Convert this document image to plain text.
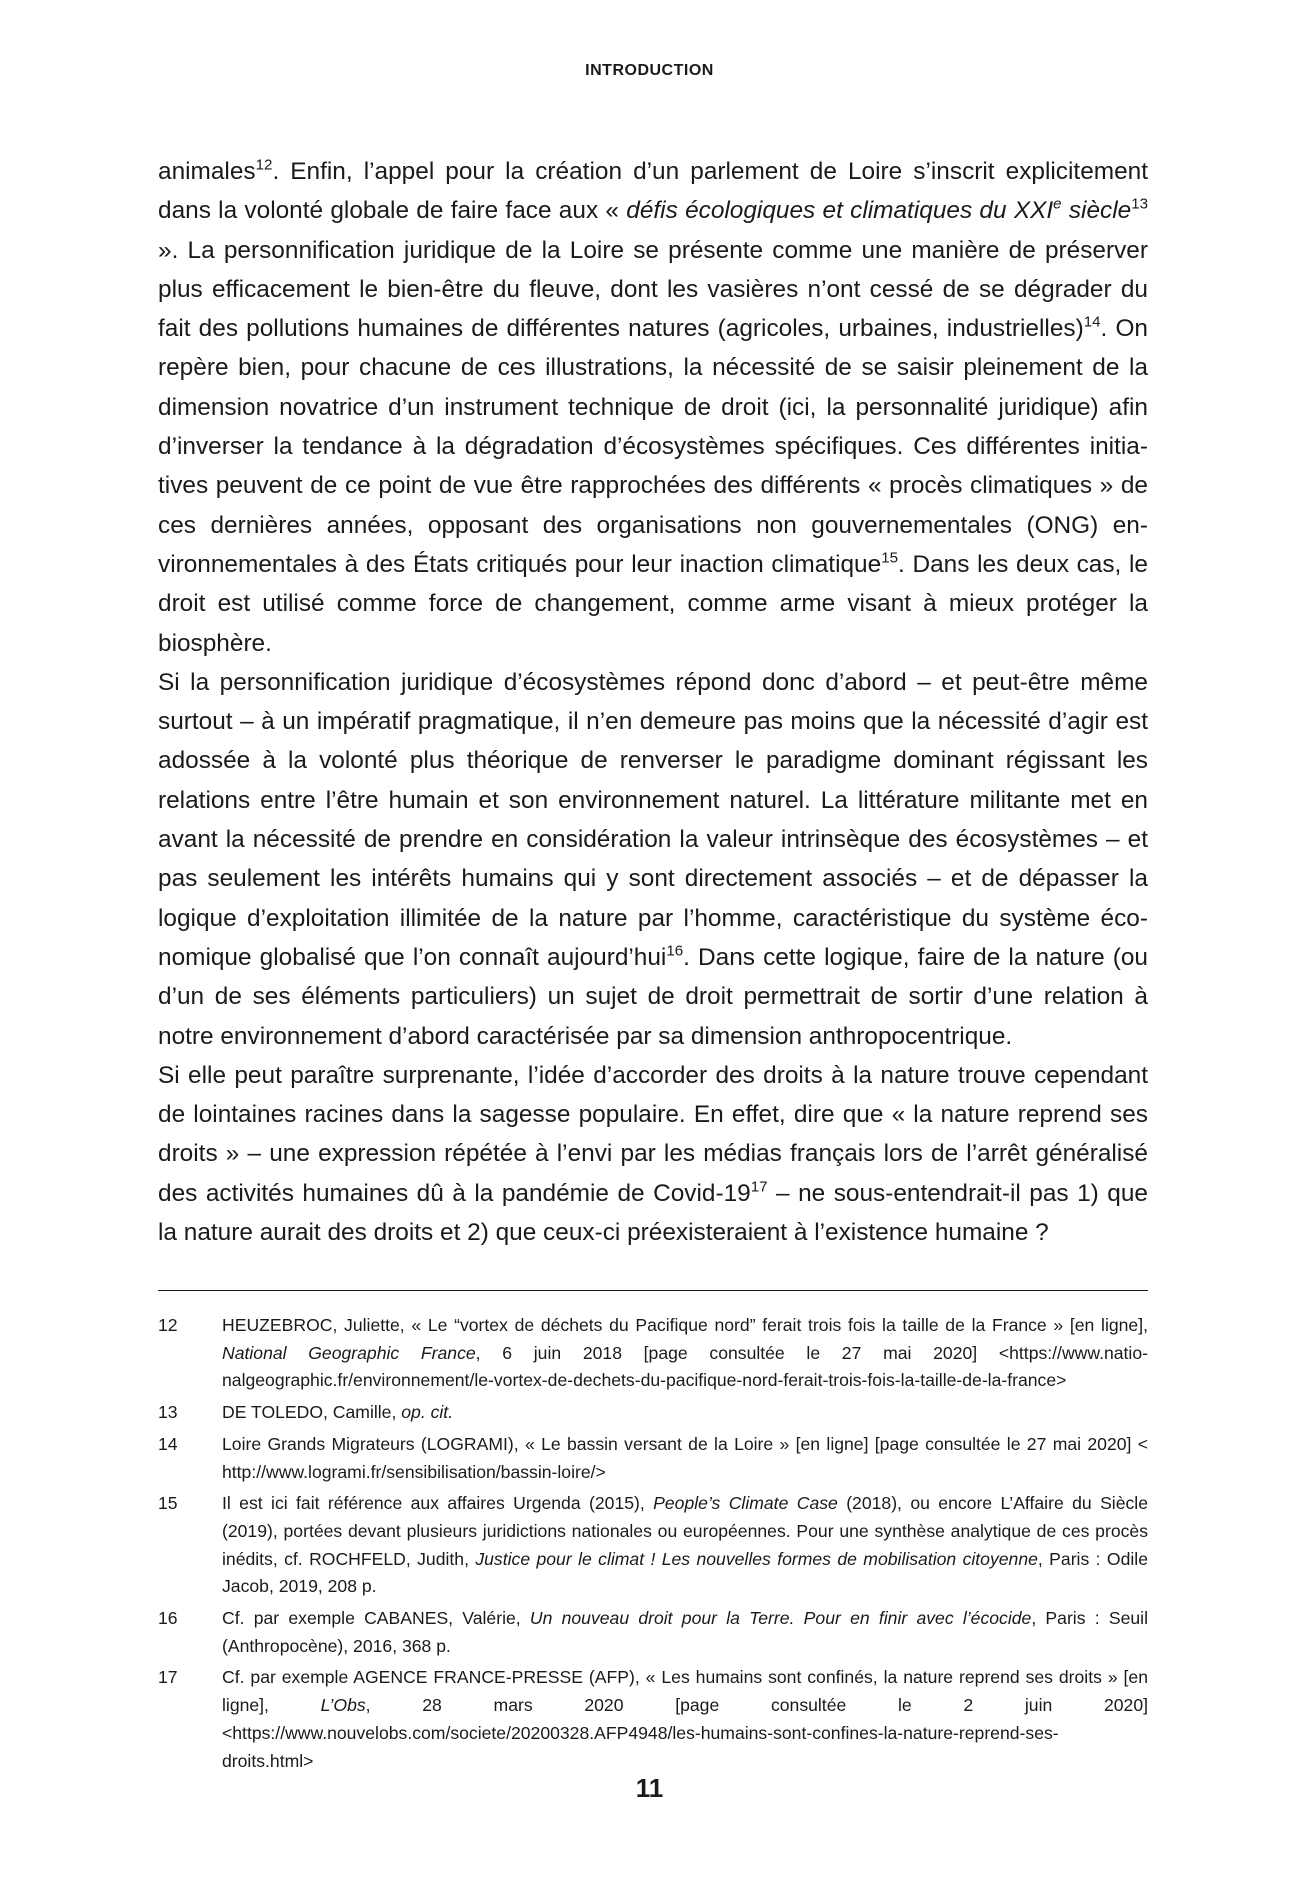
INTRODUCTION

animales$^{12}$. Enfin, l’appel pour la création d’un parlement de Loire s’inscrit explicitement dans la volonté globale de faire face aux « défis écologiques et climatiques du XXIe siècle$^{13}$ ». La personnification juridique de la Loire se présente comme une manière de préserver plus efficacement le bien-être du fleuve, dont les vasières n’ont cessé de se dégrader du fait des pollutions humaines de différentes natures (agricoles, urbaines, industrielles)$^{14}$. On repère bien, pour chacune de ces illustrations, la nécessité de se saisir pleinement de la dimension novatrice d’un instrument technique de droit (ici, la personnalité juridique) afin d’inverser la tendance à la dégradation d’écosystèmes spécifiques. Ces différentes initiatives peuvent de ce point de vue être rapprochées des différents « procès climatiques » de ces dernières années, opposant des organisations non gouvernementales (ONG) environnementales à des États critiqués pour leur inaction climatique$^{15}$. Dans les deux cas, le droit est utilisé comme force de changement, comme arme visant à mieux protéger la biosphère.

Si la personnification juridique d’écosystèmes répond donc d’abord – et peut-être même surtout – à un impératif pragmatique, il n’en demeure pas moins que la nécessité d’agir est adossée à la volonté plus théorique de renverser le paradigme dominant régissant les relations entre l’être humain et son environnement naturel. La littérature militante met en avant la nécessité de prendre en considération la valeur intrinsèque des écosystèmes – et pas seulement les intérêts humains qui y sont directement associés – et de dépasser la logique d’exploitation illimitée de la nature par l’homme, caractéristique du système économique globalisé que l’on connaît aujourd’hui$^{16}$. Dans cette logique, faire de la nature (ou d’un de ses éléments particuliers) un sujet de droit permettrait de sortir d’une relation à notre environnement d’abord caractérisée par sa dimension anthropocentrique.

Si elle peut paraître surprenante, l’idée d’accorder des droits à la nature trouve cependant de lointaines racines dans la sagesse populaire. En effet, dire que « la nature reprend ses droits » – une expression répétée à l’envi par les médias français lors de l’arrêt généralisé des activités humaines dû à la pandémie de Covid-$19^{17}$ – ne sous-entendrait-il pas 1) que la nature aurait des droits et 2) que ceux-ci préexisteraient à l’existence humaine ?

12	HEUZEBROC, Juliette, « Le “vortex de déchets du Pacifique nord” ferait trois fois la taille de la France » [en ligne], National Geographic France, 6 juin 2018 [page consultée le 27 mai 2020] <https://www.nationalgeographic.fr/environnement/le-vortex-de-dechets-du-pacifique-nord-ferait-trois-fois-la-taille-de-la-france>
13	DE TOLEDO, Camille, op. cit.
14	Loire Grands Migrateurs (LOGRAMI), « Le bassin versant de la Loire » [en ligne] [page consultée le 27 mai 2020] < http://www.logrami.fr/sensibilisation/bassin-loire/>
15	Il est ici fait référence aux affaires Urgenda (2015), People’s Climate Case (2018), ou encore L’Affaire du Siècle (2019), portées devant plusieurs juridictions nationales ou européennes. Pour une synthèse analytique de ces procès inédits, cf. ROCHFELD, Judith, Justice pour le climat ! Les nouvelles formes de mobilisation citoyenne, Paris : Odile Jacob, 2019, 208 p.
16	Cf. par exemple CABANES, Valérie, Un nouveau droit pour la Terre. Pour en finir avec l’écocide, Paris : Seuil (Anthropocène), 2016, 368 p.
17	Cf. par exemple AGENCE FRANCE-PRESSE (AFP), « Les humains sont confinés, la nature reprend ses droits » [en ligne], L’Obs, 28 mars 2020 [page consultée le 2 juin 2020] <https://www.nouvelobs.com/societe/20200328.AFP4948/les-humains-sont-confines-la-nature-reprend-ses-droits.html>
11
